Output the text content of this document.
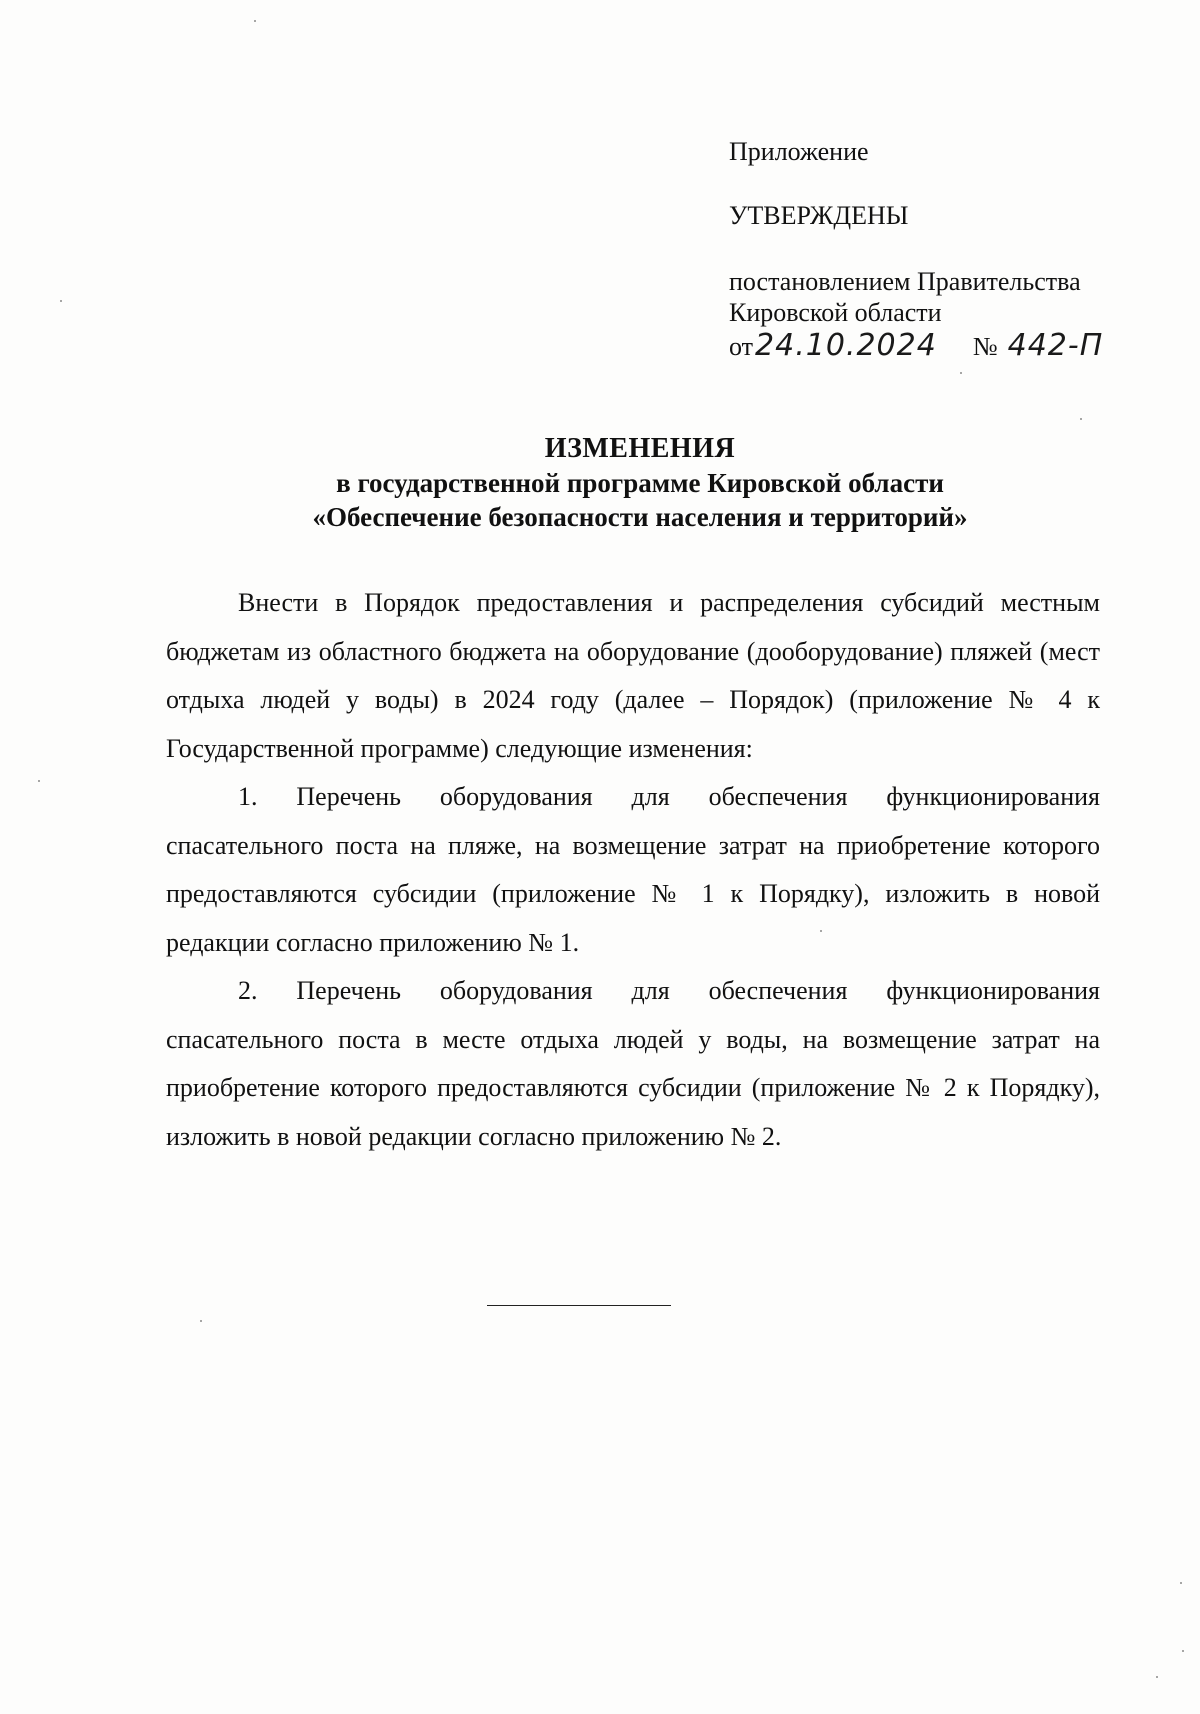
Приложение
УТВЕРЖДЕНЫ
постановлением Правительства
Кировской области
от 24.10.2024 № 442-П
ИЗМЕНЕНИЯ
в государственной программе Кировской области
«Обеспечение безопасности населения и территорий»

Внести в Порядок предоставления и распределения субсидий местным бюджетам из областного бюджета на оборудование (дооборудование) пляжей (мест отдыха людей у воды) в 2024 году (далее – Порядок) (приложение № 4 к Государственной программе) следующие изменения:

1. Перечень оборудования для обеспечения функционирования спасательного поста на пляже, на возмещение затрат на приобретение которого предоставляются субсидии (приложение № 1 к Порядку), изложить в новой редакции согласно приложению № 1.

2. Перечень оборудования для обеспечения функционирования спасательного поста в месте отдыха людей у воды, на возмещение затрат на приобретение которого предоставляются субсидии (приложение № 2 к Порядку), изложить в новой редакции согласно приложению № 2.
